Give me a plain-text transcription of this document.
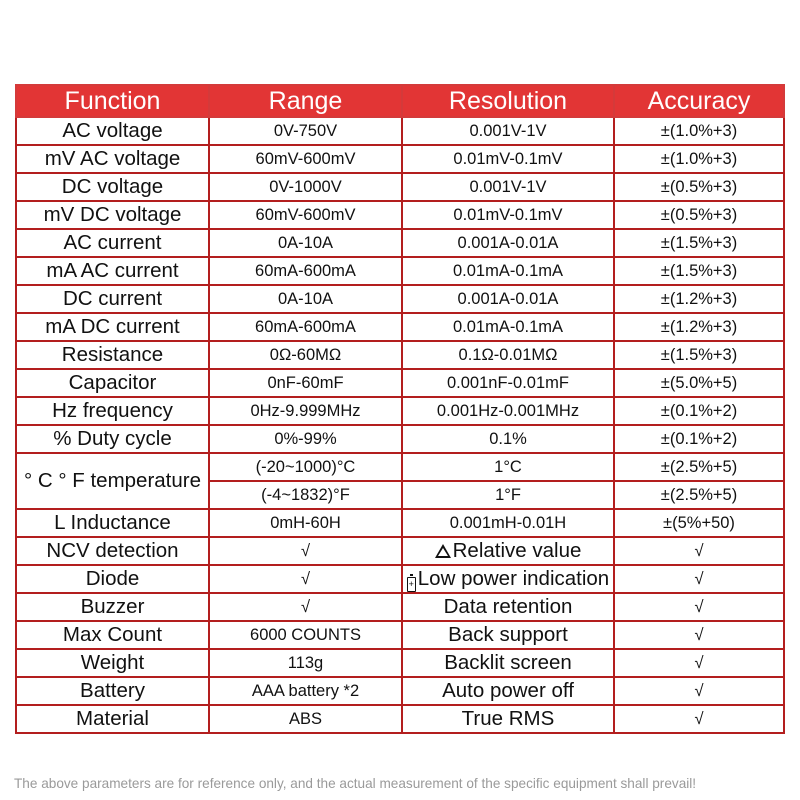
Function	Range	Resolution	Accuracy
AC voltage	0V-750V	0.001V-1V	±(1.0%+3)
mV AC voltage	60mV-600mV	0.01mV-0.1mV	±(1.0%+3)
DC voltage	0V-1000V	0.001V-1V	±(0.5%+3)
mV DC voltage	60mV-600mV	0.01mV-0.1mV	±(0.5%+3)
AC current	0A-10A	0.001A-0.01A	±(1.5%+3)
mA AC current	60mA-600mA	0.01mA-0.1mA	±(1.5%+3)
DC current	0A-10A	0.001A-0.01A	±(1.2%+3)
mA DC current	60mA-600mA	0.01mA-0.1mA	±(1.2%+3)
Resistance	0Ω-60MΩ	0.1Ω-0.01MΩ	±(1.5%+3)
Capacitor	0nF-60mF	0.001nF-0.01mF	±(5.0%+5)
Hz frequency	0Hz-9.999MHz	0.001Hz-0.001MHz	±(0.1%+2)
% Duty cycle	0%-99%	0.1%	±(0.1%+2)
° C ° F temperature	(-20~1000)°C	1°C	±(2.5%+5)
	(-4~1832)°F	1°F	±(2.5%+5)
L Inductance	0mH-60H	0.001mH-0.01H	±(5%+50)
NCV detection	√	Relative value	√
Diode	√	+ Low power indication	√
Buzzer	√	Data retention	√
Max Count	6000 COUNTS	Back support	√
Weight	113g	Backlit screen	√
Battery	AAA battery *2	Auto power off	√
Material	ABS	True RMS	√
The above parameters are for reference only, and the actual measurement of the specific equipment shall prevail!
